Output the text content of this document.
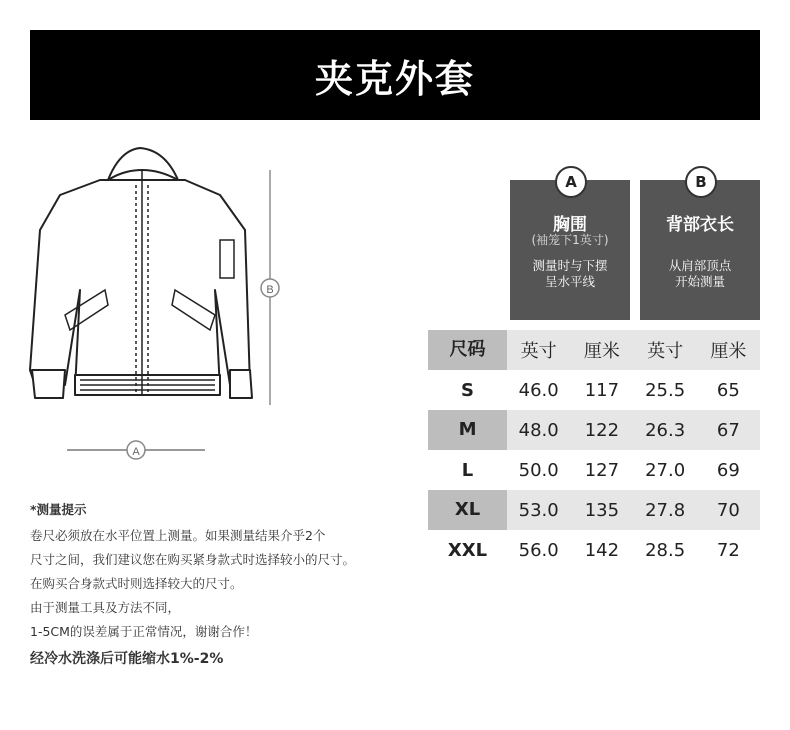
夹克外套
B
A
A
胸围
(袖笼下1英寸)
测量时与下摆
呈水平线
B
背部衣长
从肩部顶点
开始测量
尺码	英寸	厘米	英寸	厘米
S	46.0	117	25.5	65
M	48.0	122	26.3	67
L	50.0	127	27.0	69
XL	53.0	135	27.8	70
XXL	56.0	142	28.5	72
*测量提示
卷尺必须放在水平位置上测量。如果测量结果介乎2个
尺寸之间，我们建议您在购买紧身款式时选择较小的尺寸。
在购买合身款式时则选择较大的尺寸。
由于测量工具及方法不同，
1-5CM的误差属于正常情况，谢谢合作！
经冷水洗涤后可能缩水1%-2%
